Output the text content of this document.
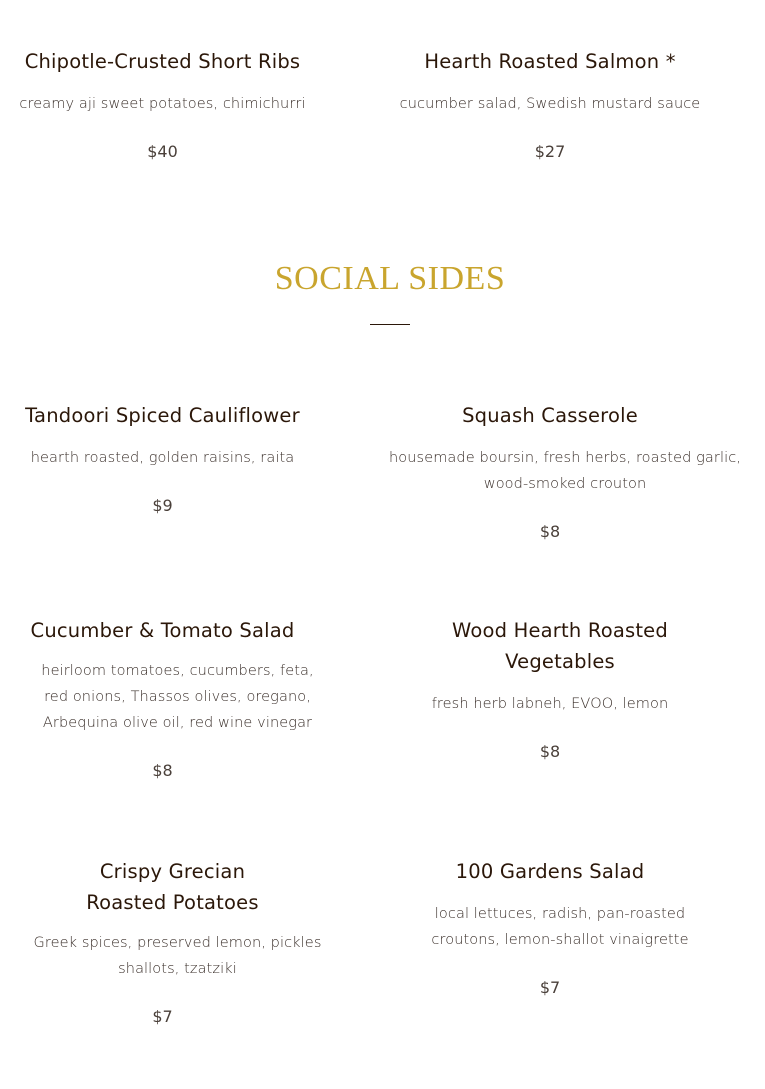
Chipotle-Crusted Short Ribs

creamy aji sweet potatoes, chimichurri

$40

Hearth Roasted Salmon *

cucumber salad, Swedish mustard sauce

$27

SOCIAL SIDES
Tandoori Spiced Cauliflower

hearth roasted, golden raisins, raita

$9

Squash Casserole

housemade boursin, fresh herbs, roasted garlic, wood-smoked crouton

$8

Cucumber & Tomato Salad

heirloom tomatoes, cucumbers, feta, red onions, Thassos olives, oregano, Arbequina olive oil, red wine vinegar

$8

Wood Hearth Roasted Vegetables

fresh herb labneh, EVOO, lemon

$8

Crispy Grecian Roasted Potatoes

Greek spices, preserved lemon, pickles shallots, tzatziki

$7

100 Gardens Salad

local lettuces, radish, pan-roasted croutons, lemon-shallot vinaigrette

$7
